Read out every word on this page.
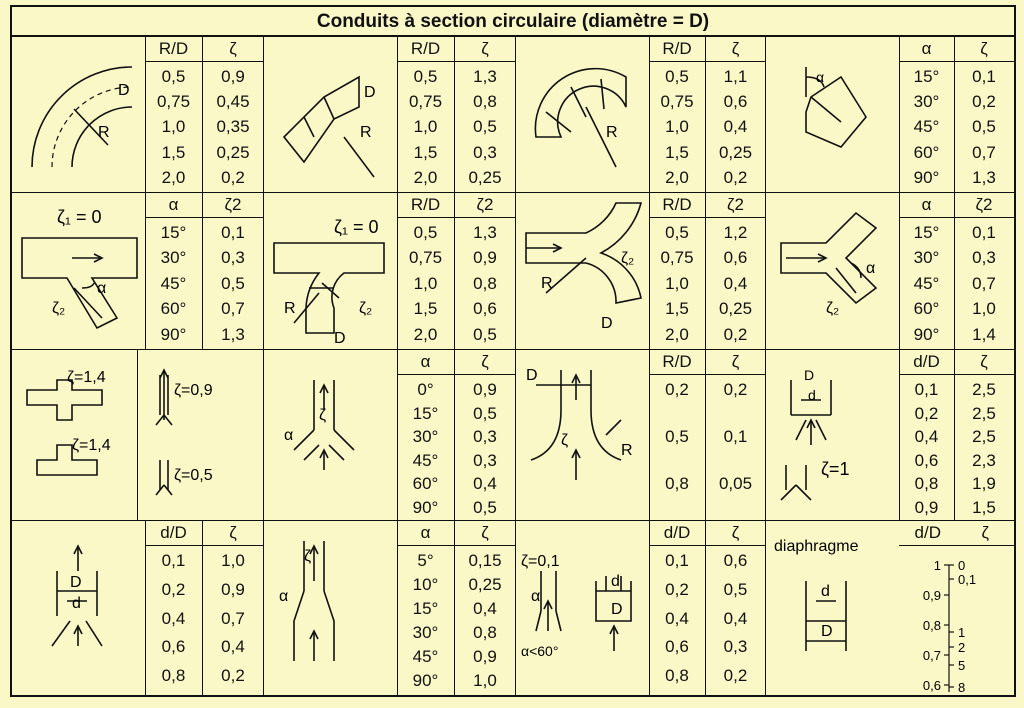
Conduits à section circulaire (diamètre = D)
D
R
R/D	ζ
0,5	0,9
0,75	0,45
1,0	0,35
1,5	0,25
2,0	0,2
D
R
R/D	ζ
0,5	1,3
0,75	0,8
1,0	0,5
1,5	0,3
2,0	0,25
R
R/D	ζ
0,5	1,1
0,75	0,6
1,0	0,4
1,5	0,25
2,0	0,2
α
α	ζ
15°	0,1
30°	0,2
45°	0,5
60°	0,7
90°	1,3
ζ₁ = 0
α
ζ₂
α	ζ2
15°	0,1
30°	0,3
45°	0,5
60°	0,7
90°	1,3
ζ₁ = 0
R	ζ₂
D
R/D	ζ2
0,5	1,3
0,75	0,9
1,0	0,8
1,5	0,6
2,0	0,5
ζ₂
R
D
R/D	ζ2
0,5	1,2
0,75	0,6
1,0	0,4
1,5	0,25
2,0	0,2
α
ζ₂
α	ζ2
15°	0,1
30°	0,3
45°	0,7
60°	1,0
90°	1,4
ζ=1,4
ζ=1,4
ζ=0,9
ζ=0,5
α
ζ
α	ζ
0°	0,9
15°	0,5
30°	0,3
45°	0,3
60°	0,4
90°	0,5
D
ζ
R
R/D	ζ
0,2	0,2
0,5	0,1
0,8	0,05
D
d
ζ=1
d/D	ζ
0,1	2,5
0,2	2,5
0,4	2,5
0,6	2,3
0,8	1,9
0,9	1,5
D
d
d/D	ζ
0,1	1,0
0,2	0,9
0,4	0,7
0,6	0,4
0,8	0,2
ζ
α
α	ζ
5°	0,15
10°	0,25
15°	0,4
30°	0,8
45°	0,9
90°	1,0
ζ=0,1
α
α<60°
d
D
d/D	ζ
0,1	0,6
0,2	0,5
0,4	0,4
0,6	0,3
0,8	0,2
diaphragme
d
D
d/D	ζ
1
0,9
0,8
0,7
0,6
0
0,1
1
2
5
8
